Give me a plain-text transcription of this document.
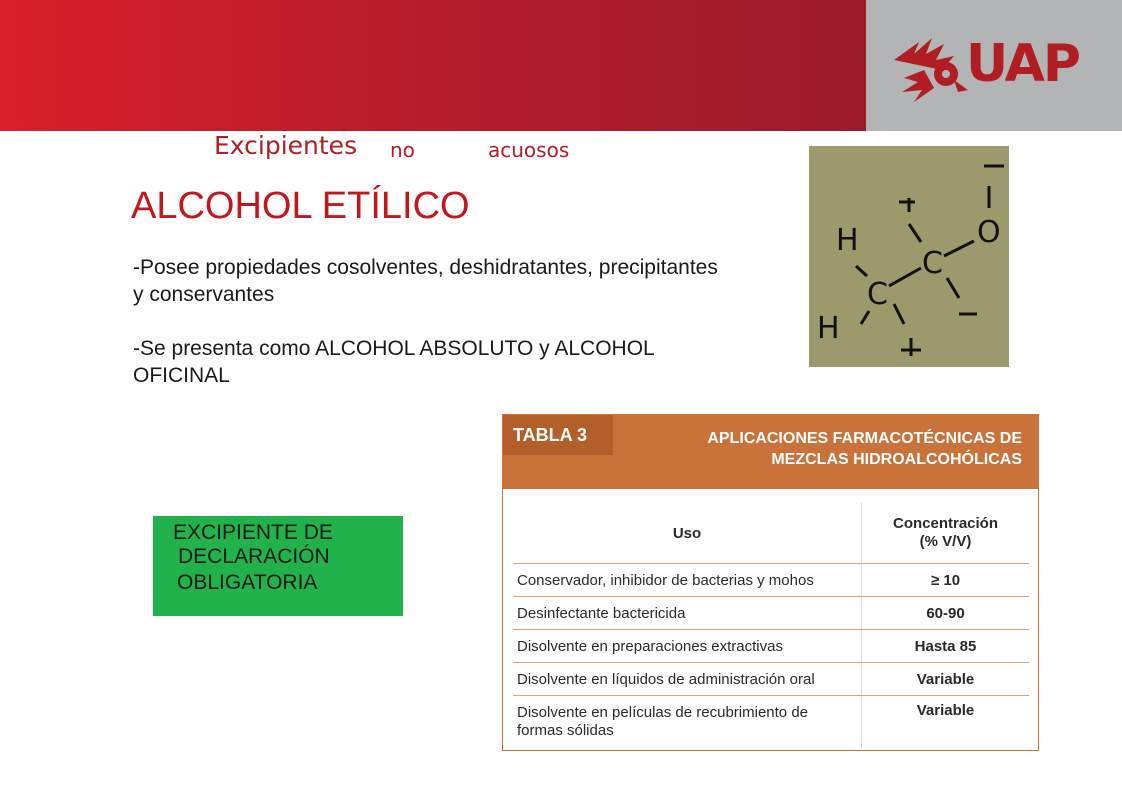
UAP
Excipientes no	acuosos
ALCOHOL ETÍLICO

-Posee propiedades cosolventes, deshidratantes, precipitantes y conservantes

-Se presenta como ALCOHOL ABSOLUTO y ALCOHOL OFICINAL

H
H
C
C
O

EXCIPIENTE DE

DECLARACIÓN

OBLIGATORIA

TABLA 3	APLICACIONES FARMACOTÉCNICAS DE
MEZCLAS HIDROALCOHÓLICAS
Uso	Concentración
(% V/V)

Conservador, inhibidor de bacterias y mohos	≥ 10
Desinfectante bactericida	60-90
Disolvente en preparaciones extractivas	Hasta 85
Disolvente en líquidos de administración oral	Variable
Disolvente en películas de recubrimiento de formas sólidas	Variable
